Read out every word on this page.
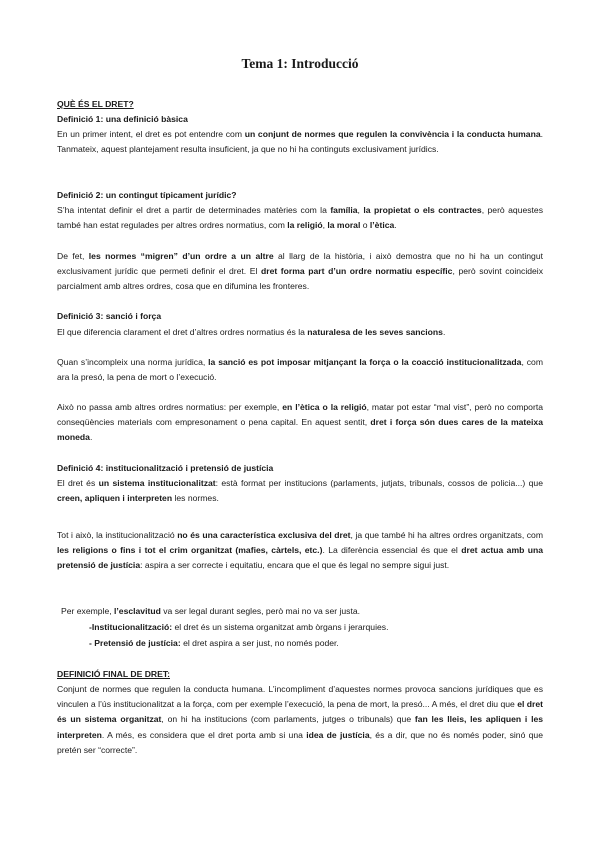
Tema 1: Introducció
QUÈ ÉS EL DRET?
Definició 1: una definició bàsica
En un primer intent, el dret es pot entendre com un conjunt de normes que regulen la convivència i la conducta humana. Tanmateix, aquest plantejament resulta insuficient, ja que no hi ha continguts exclusivament jurídics.
Definició 2: un contingut típicament jurídic?
S’ha intentat definir el dret a partir de determinades matèries com la família, la propietat o els contractes, però aquestes també han estat regulades per altres ordres normatius, com la religió, la moral o l’ètica.
De fet, les normes “migren” d’un ordre a un altre al llarg de la història, i això demostra que no hi ha un contingut exclusivament jurídic que permeti definir el dret. El dret forma part d’un ordre normatiu específic, però sovint coincideix parcialment amb altres ordres, cosa que en difumina les fronteres.
Definició 3: sanció i força
El que diferencia clarament el dret d’altres ordres normatius és la naturalesa de les seves sancions.
Quan s’incompleix una norma jurídica, la sanció es pot imposar mitjançant la força o la coacció institucionalitzada, com ara la presó, la pena de mort o l’execució.
Això no passa amb altres ordres normatius: per exemple, en l’ètica o la religió, matar pot estar “mal vist”, però no comporta conseqüències materials com empresonament o pena capital. En aquest sentit, dret i força són dues cares de la mateixa moneda.
Definició 4: institucionalització i pretensió de justícia
El dret és un sistema institucionalitzat: està format per institucions (parlaments, jutjats, tribunals, cossos de policia...) que creen, apliquen i interpreten les normes.
Tot i això, la institucionalització no és una característica exclusiva del dret, ja que també hi ha altres ordres organitzats, com les religions o fins i tot el crim organitzat (mafies, càrtels, etc.). La diferència essencial és que el dret actua amb una pretensió de justícia: aspira a ser correcte i equitatiu, encara que el que és legal no sempre sigui just.
Per exemple, l’esclavitud va ser legal durant segles, però mai no va ser justa.
-Institucionalització: el dret és un sistema organitzat amb òrgans i jerarquies.
- Pretensió de justícia: el dret aspira a ser just, no només poder.
DEFINICIÓ FINAL DE DRET:
Conjunt de normes que regulen la conducta humana. L’incompliment d’aquestes normes provoca sancions jurídiques que es vinculen a l’ús institucionalitzat a la força, com per exemple l’execució, la pena de mort, la presó... A més, el dret diu que el dret és un sistema organitzat, on hi ha institucions (com parlaments, jutges o tribunals) que fan les lleis, les apliquen i les interpreten. A més, es considera que el dret porta amb si una idea de justícia, és a dir, que no és només poder, sinó que pretén ser “correcte”.
